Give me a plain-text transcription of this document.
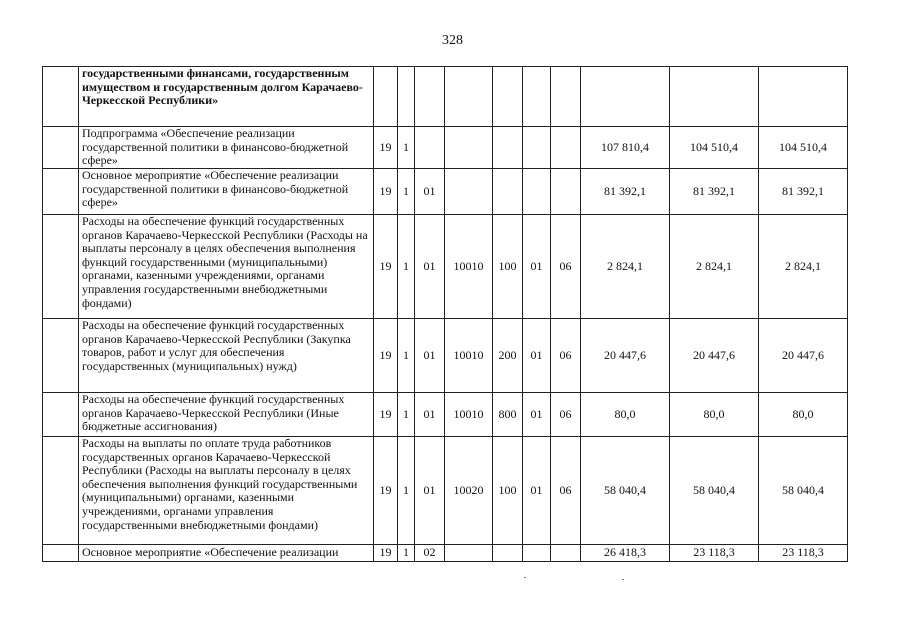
328
	государственными финансами, государственным имуществом и государственным долгом Карачаево-Черкесской Республики»										
	Подпрограмма «Обеспечение реализации государственной политики в финансово-бюджетной сфере»	19	1						107 810,4	104 510,4	104 510,4
	Основное мероприятие «Обеспечение реализации государственной политики в финансово-бюджетной сфере»	19	1	01					81 392,1	81 392,1	81 392,1
	Расходы на обеспечение функций государственных органов Карачаево-Черкесской Республики (Расходы на выплаты персоналу в целях обеспечения выполнения функций государственными (муниципальными) органами, казенными учреждениями, органами управления государственными внебюджетными фондами)	19	1	01	10010	100	01	06	2 824,1	2 824,1	2 824,1
	Расходы на обеспечение функций государственных органов Карачаево-Черкесской Республики (Закупка товаров, работ и услуг для обеспечения государственных (муниципальных) нужд)	19	1	01	10010	200	01	06	20 447,6	20 447,6	20 447,6
	Расходы на обеспечение функций государственных органов Карачаево-Черкесской Республики (Иные бюджетные ассигнования)	19	1	01	10010	800	01	06	80,0	80,0	80,0
	Расходы на выплаты по оплате труда работников государственных органов Карачаево-Черкесской Республики (Расходы на выплаты персоналу в целях обеспечения выполнения функций государственными (муниципальными) органами, казенными учреждениями, органами управления государственными внебюджетными фондами)	19	1	01	10020	100	01	06	58 040,4	58 040,4	58 040,4
	Основное мероприятие «Обеспечение реализации	19	1	02					26 418,3	23 118,3	23 118,3
